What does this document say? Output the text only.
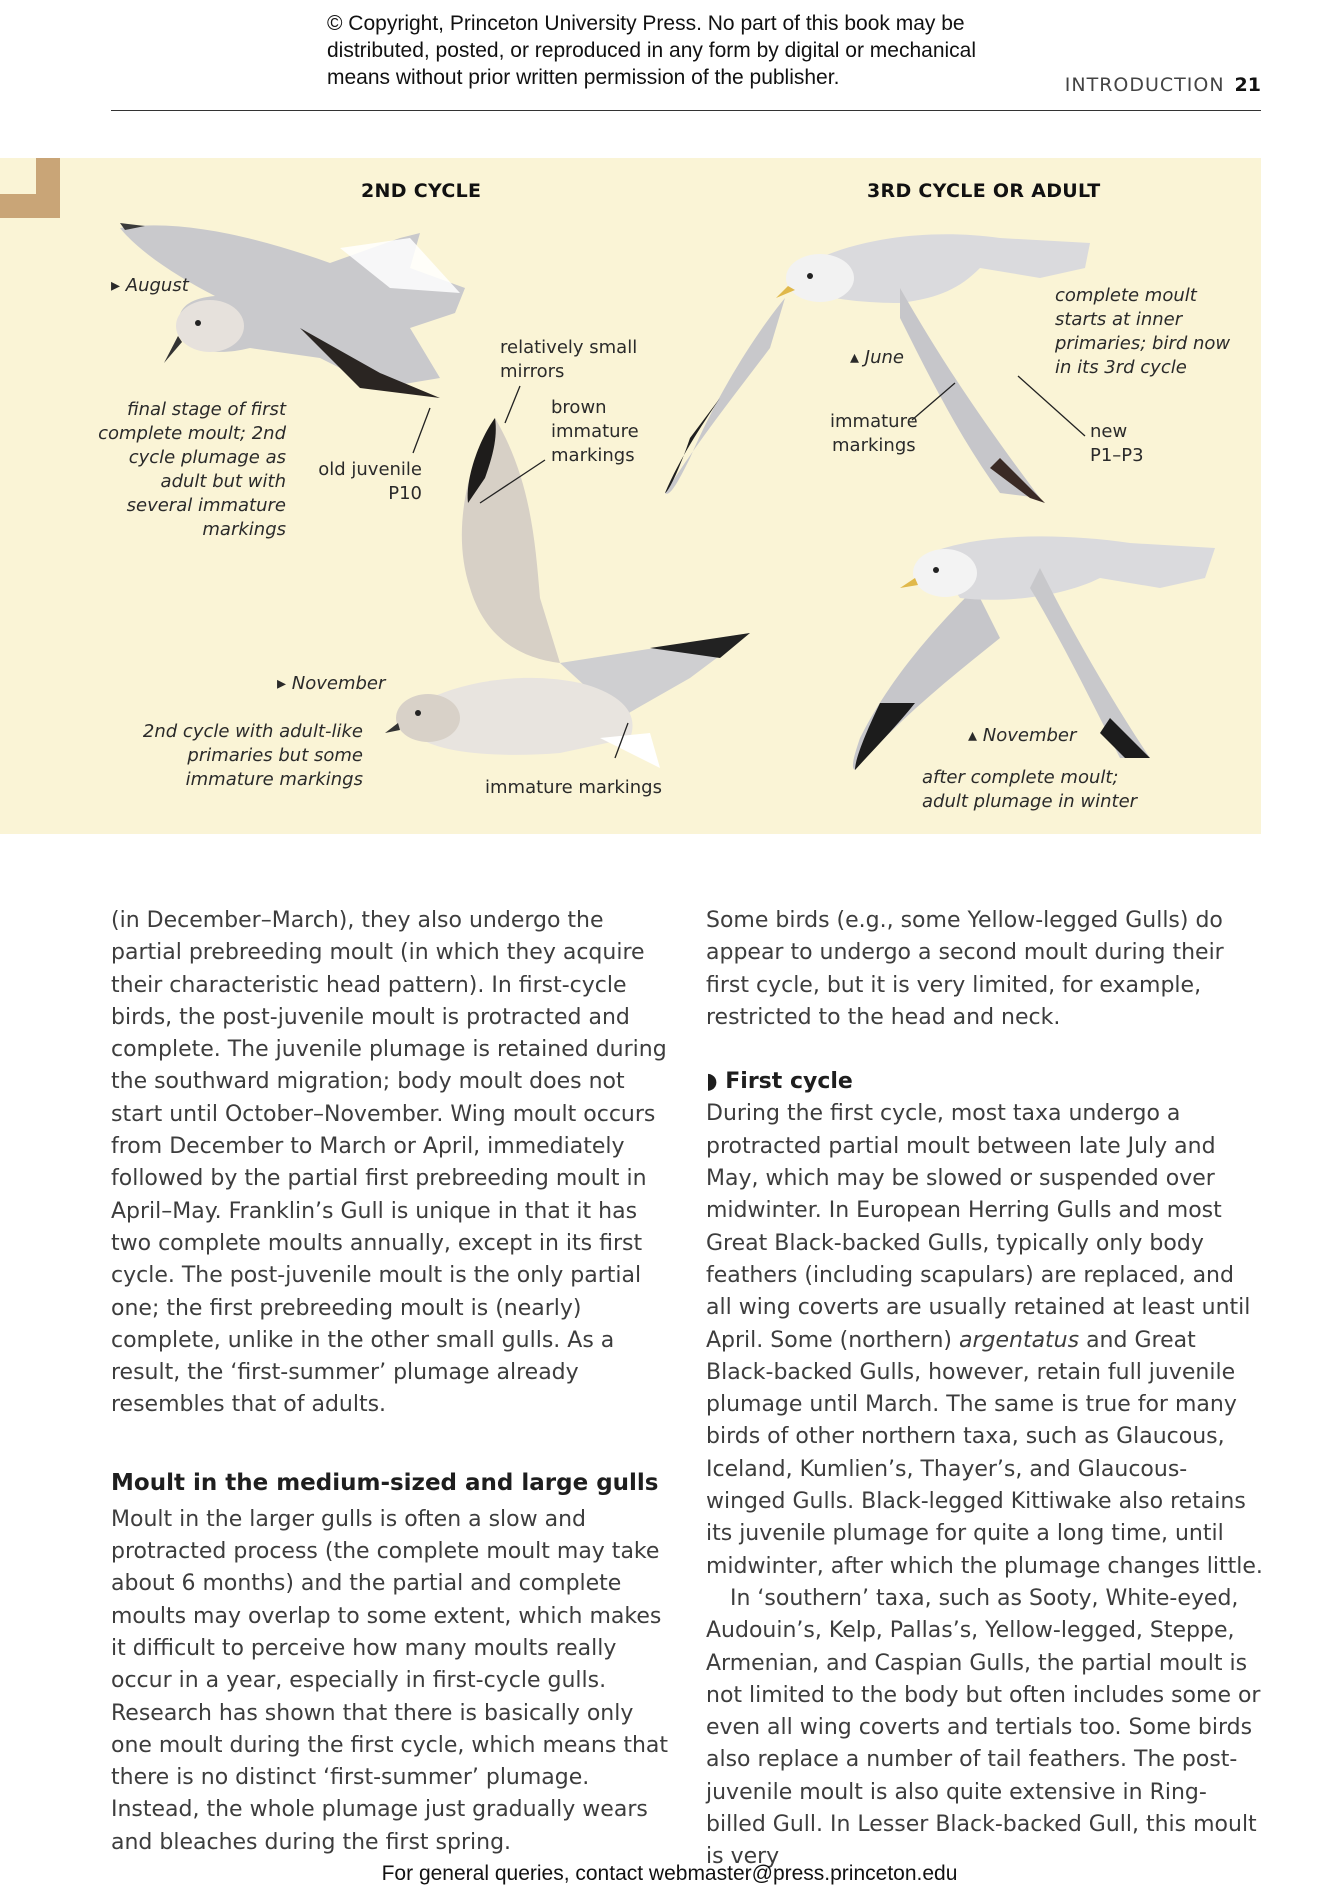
© Copyright, Princeton University Press. No part of this book may be
distributed, posted, or reproduced in any form by digital or mechanical
means without prior written permission of the publisher.	INTRODUCTION 21
2ND CYCLE	3RD CYCLE OR ADULT
▸ August
final stage of first
complete moult; 2nd
cycle plumage as
adult but with
several immature
markings
old juvenile
P10
relatively small
mirrors
brown
immature
markings
▸ November
2nd cycle with adult-like
primaries but some
immature markings	immature markings
▴ June
immature
markings
complete moult
starts at inner
primaries; bird now
in its 3rd cycle
new
P1–P3
▴ November
after complete moult;
adult plumage in winter

(in December–March), they also undergo the partial prebreeding moult (in which they acquire their characteristic head pattern). In first-cycle birds, the post-juvenile moult is protracted and complete. The juvenile plumage is retained during the southward migration; body moult does not start until October–November. Wing moult occurs from December to March or April, immediately followed by the partial first prebreeding moult in April–May. Franklin’s Gull is unique in that it has two complete moults annually, except in its first cycle. The post-juvenile moult is the only partial one; the first prebreeding moult is (nearly) complete, unlike in the other small gulls. As a result, the ‘first-summer’ plumage already resembles that of adults.

Moult in the medium-sized and large gulls

Moult in the larger gulls is often a slow and protracted process (the complete moult may take about 6 months) and the partial and complete moults may overlap to some extent, which makes it difficult to perceive how many moults really occur in a year, especially in first-cycle gulls. Research has shown that there is basically only one moult during the first cycle, which means that there is no distinct ‘first-summer’ plumage. Instead, the whole plumage just gradually wears and bleaches during the first spring.

Some birds (e.g., some Yellow-legged Gulls) do appear to undergo a second moult during their first cycle, but it is very limited, for example, restricted to the head and neck.

◗ First cycle

During the first cycle, most taxa undergo a protracted partial moult between late July and May, which may be slowed or suspended over midwinter. In European Herring Gulls and most Great Black-backed Gulls, typically only body feathers (including scapulars) are replaced, and all wing coverts are usually retained at least until April. Some (northern) argentatus and Great Black-backed Gulls, however, retain full juvenile plumage until March. The same is true for many birds of other northern taxa, such as Glaucous, Iceland, Kumlien’s, Thayer’s, and Glaucous-winged Gulls. Black-legged Kittiwake also retains its juvenile plumage for quite a long time, until midwinter, after which the plumage changes little.

In ‘southern’ taxa, such as Sooty, White-eyed, Audouin’s, Kelp, Pallas’s, Yellow-legged, Steppe, Armenian, and Caspian Gulls, the partial moult is not limited to the body but often includes some or even all wing coverts and tertials too. Some birds also replace a number of tail feathers. The post-juvenile moult is also quite extensive in Ring-billed Gull. In Lesser Black-backed Gull, this moult is very

For general queries, contact webmaster@press.princeton.edu
